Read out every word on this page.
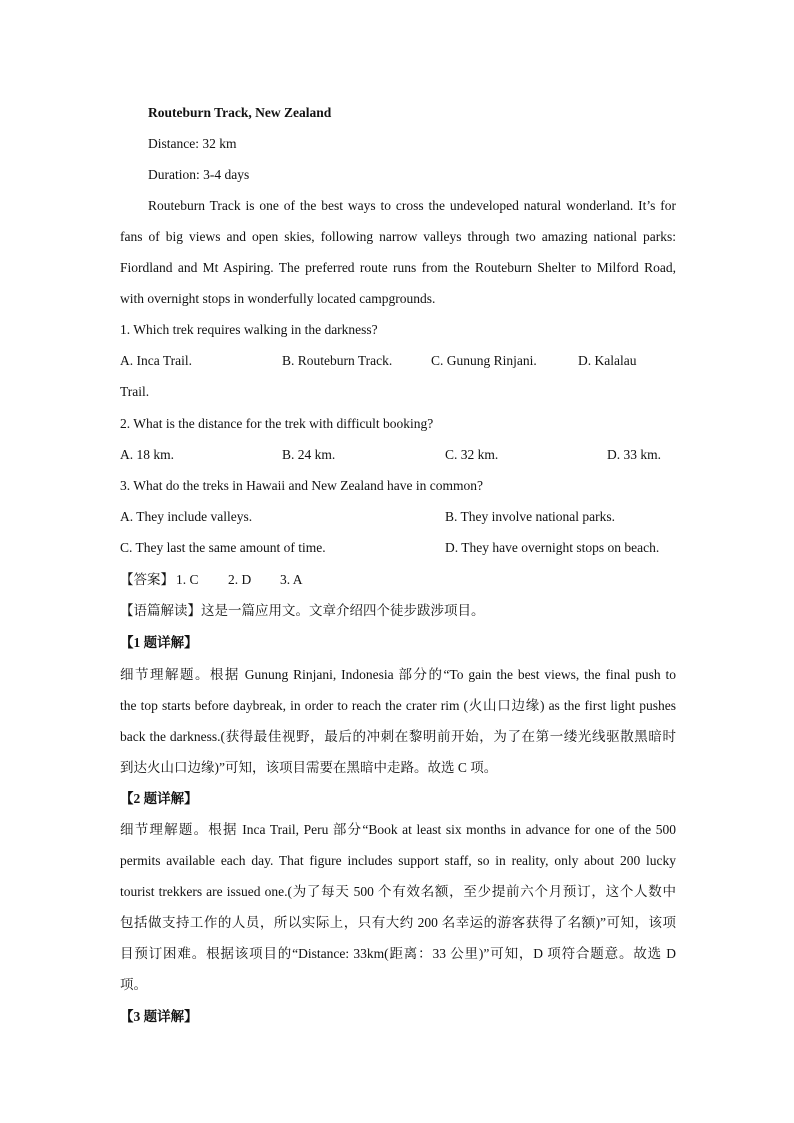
Routeburn Track, New Zealand
Distance: 32 km
Duration: 3-4 days
Routeburn Track is one of the best ways to cross the undeveloped natural wonderland. It’s for
fans of big views and open skies, following narrow valleys through two amazing national parks:
Fiordland and Mt Aspiring. The preferred route runs from the Routeburn Shelter to Milford Road,
with overnight stops in wonderfully located campgrounds.
1. Which trek requires walking in the darkness?
A. Inca Trail.	B. Routeburn Track.	C. Gunung Rinjani.	D. Kalalau
Trail.
2. What is the distance for the trek with difficult booking?
A. 18 km.	B. 24 km.	C. 32 km.	D. 33 km.
3. What do the treks in Hawaii and New Zealand have in common?
A. They include valleys.	B. They involve national parks.
C. They last the same amount of time.	D. They have overnight stops on beach.
【答案】 1. C 2. D 3. A
【语篇解读】这是一篇应用文。文章介绍四个徒步跋涉项目。
【1 题详解】
细节理解题。根据 Gunung Rinjani, Indonesia 部分的“To gain the best views, the final push to
the top starts before daybreak, in order to reach the crater rim (火山口边缘) as the first light pushes
back the darkness.(获得最佳视野，最后的冲刺在黎明前开始，为了在第一缕光线驱散黑暗时
到达火山口边缘)”可知，该项目需要在黑暗中走路。故选 C 项。
【2 题详解】
细节理解题。根据 Inca Trail, Peru 部分“Book at least six months in advance for one of the 500
permits available each day. That figure includes support staff, so in reality, only about 200 lucky
tourist trekkers are issued one.(为了每天 500 个有效名额，至少提前六个月预订，这个人数中
包括做支持工作的人员，所以实际上，只有大约 200 名幸运的游客获得了名额)”可知，该项
目预订困难。根据该项目的“Distance: 33km(距离：33 公里)”可知，D 项符合题意。故选 D
项。
【3 题详解】
